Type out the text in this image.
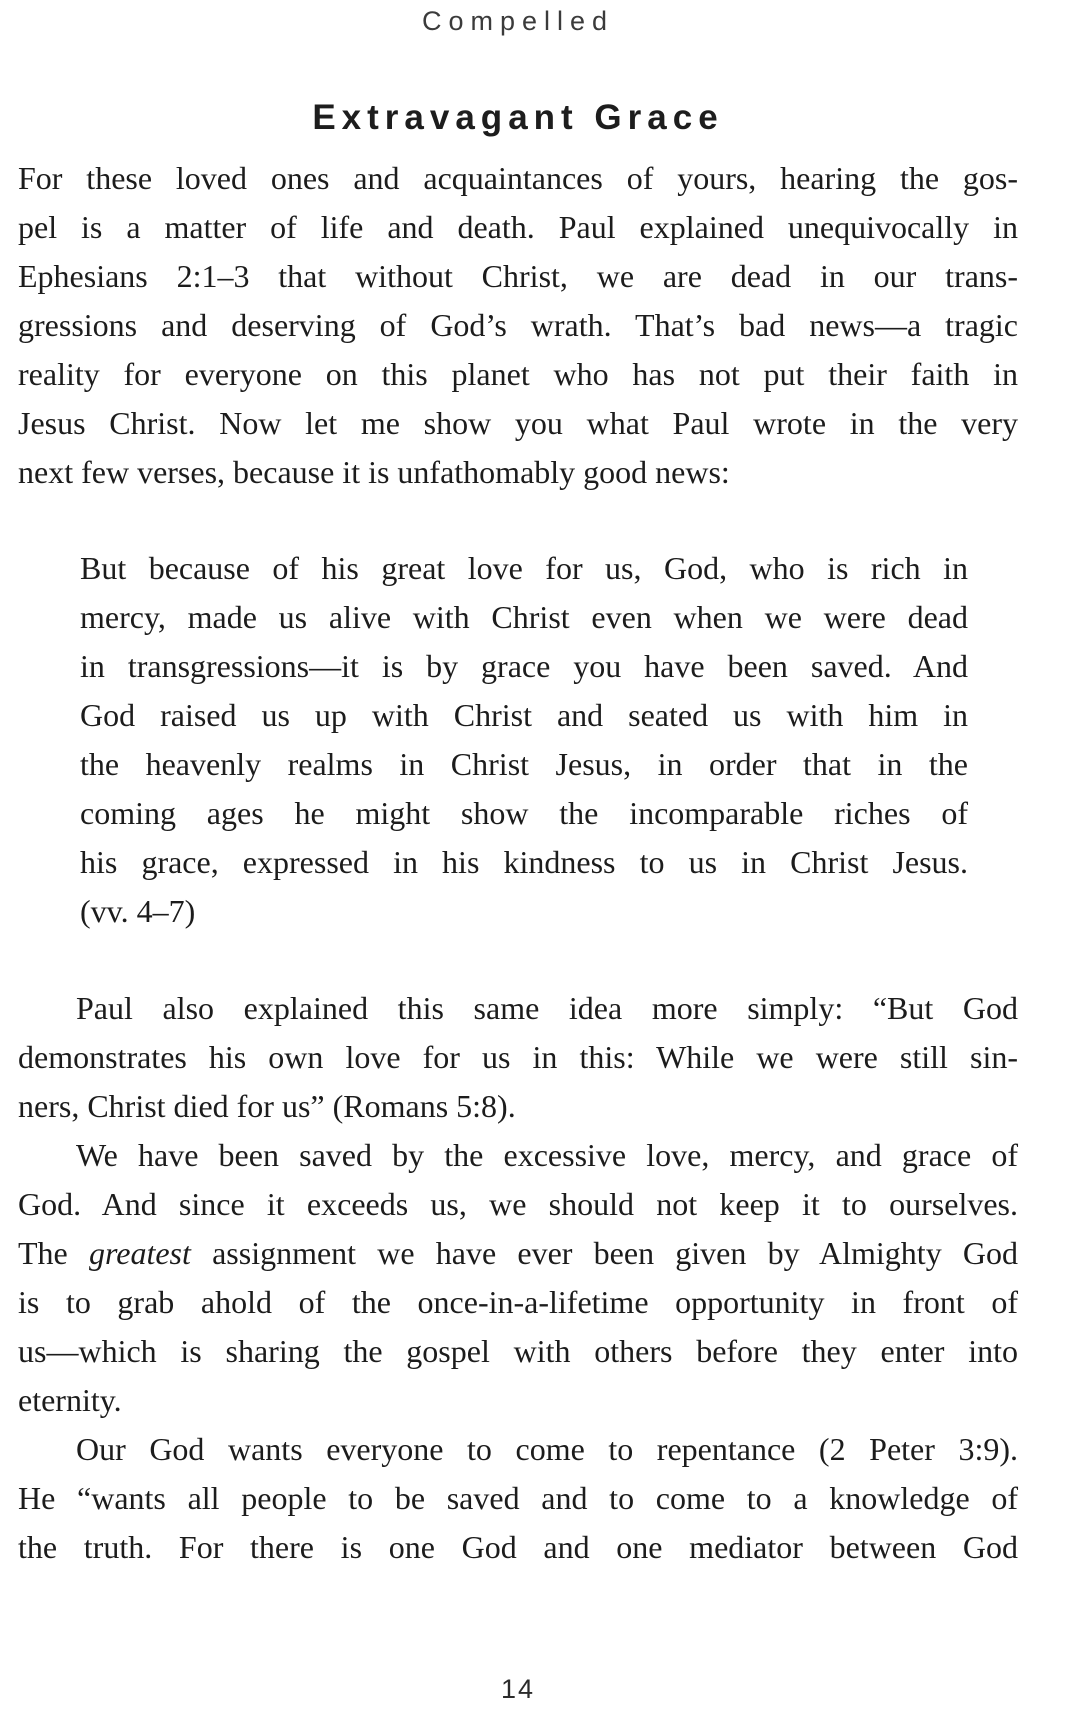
Compelled
Extravagant Grace
For these loved ones and acquaintances of yours, hearing the gos-
pel is a matter of life and death. Paul explained unequivocally in
Ephesians 2:1–3 that without Christ, we are dead in our trans-
gressions and deserving of God’s wrath. That’s bad news—a tragic
reality for everyone on this planet who has not put their faith in
Jesus Christ. Now let me show you what Paul wrote in the very
next few verses, because it is unfathomably good news:
But because of his great love for us, God, who is rich in
mercy, made us alive with Christ even when we were dead
in transgressions—it is by grace you have been saved. And
God raised us up with Christ and seated us with him in
the heavenly realms in Christ Jesus, in order that in the
coming ages he might show the incomparable riches of
his grace, expressed in his kindness to us in Christ Jesus.
(vv. 4–7)
Paul also explained this same idea more simply: “But God
demonstrates his own love for us in this: While we were still sin-
ners, Christ died for us” (Romans 5:8).
We have been saved by the excessive love, mercy, and grace of
God. And since it exceeds us, we should not keep it to ourselves.
The greatest assignment we have ever been given by Almighty God
is to grab ahold of the once-in-a-lifetime opportunity in front of
us—which is sharing the gospel with others before they enter into
eternity.
Our God wants everyone to come to repentance (2 Peter 3:9).
He “wants all people to be saved and to come to a knowledge of
the truth. For there is one God and one mediator between God
14
